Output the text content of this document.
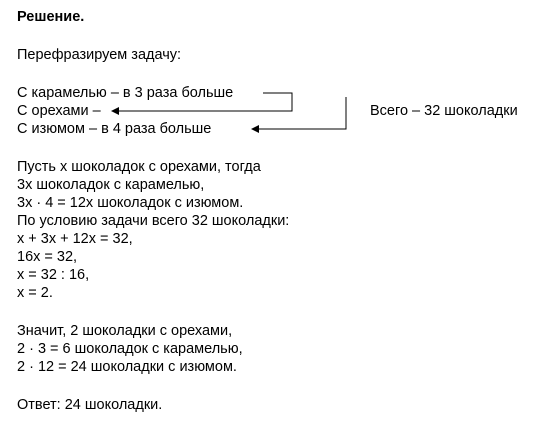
Решение.
Перефразируем задачу:
С карамелью – в 3 раза больше
С орехами –
С изюмом – в 4 раза больше
Всего – 32 шоколадки
Пусть х шоколадок с орехами, тогда
3х шоколадок с карамелью,
3х · 4 = 12х шоколадок с изюмом.
По условию задачи всего 32 шоколадки:
х + 3х + 12х = 32,
16х = 32,
х = 32 : 16,
х = 2.
Значит, 2 шоколадки с орехами,
2 · 3 = 6 шоколадок с карамелью,
2 · 12 = 24 шоколадки с изюмом.
Ответ: 24 шоколадки.
